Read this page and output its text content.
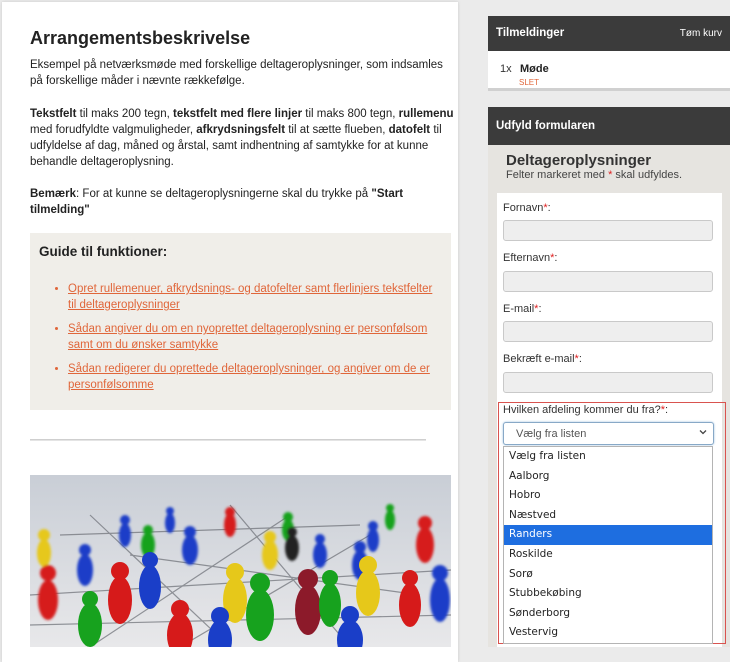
Arrangementsbeskrivelse

Eksempel på netværksmøde med forskellige deltageroplysninger, som indsamles på forskellige måder i nævnte rækkefølge.

Tekstfelt til maks 200 tegn, tekstfelt med flere linjer til maks 800 tegn, rullemenu med forudfyldte valgmuligheder, afkrydsningsfelt til at sætte flueben, datofelt til udfyldelse af dag, måned og årstal, samt indhentning af samtykke for at kunne behandle deltageroplysning.

Bemærk: For at kunne se deltageroplysningerne skal du trykke på "Start tilmelding"

Guide til funktioner:
• Opret rullemenuer, afkrydsnings- og datofelter samt flerlinjers tekstfelter til deltageroplysninger
• Sådan angiver du om en nyoprettet deltageroplysning er personfølsom samt om du ønsker samtykke
• Sådan redigerer du oprettede deltageroplysninger, og angiver om de er personfølsomme
Tilmeldinger	Tøm kurv
1x Møde
SLET
Udfyld formularen
Deltageroplysninger

Felter markeret med * skal udfyldes.

Fornavn*:

Efternavn*:

E-mail*:

Bekræft e-mail*:

Hvilken afdeling kommer du fra?*:

Vælg fra listen
Vælg fra listen
Aalborg
Hobro
Næstved
Randers
Roskilde
Sorø
Stubbekøbing
Sønderborg
Vestervig
